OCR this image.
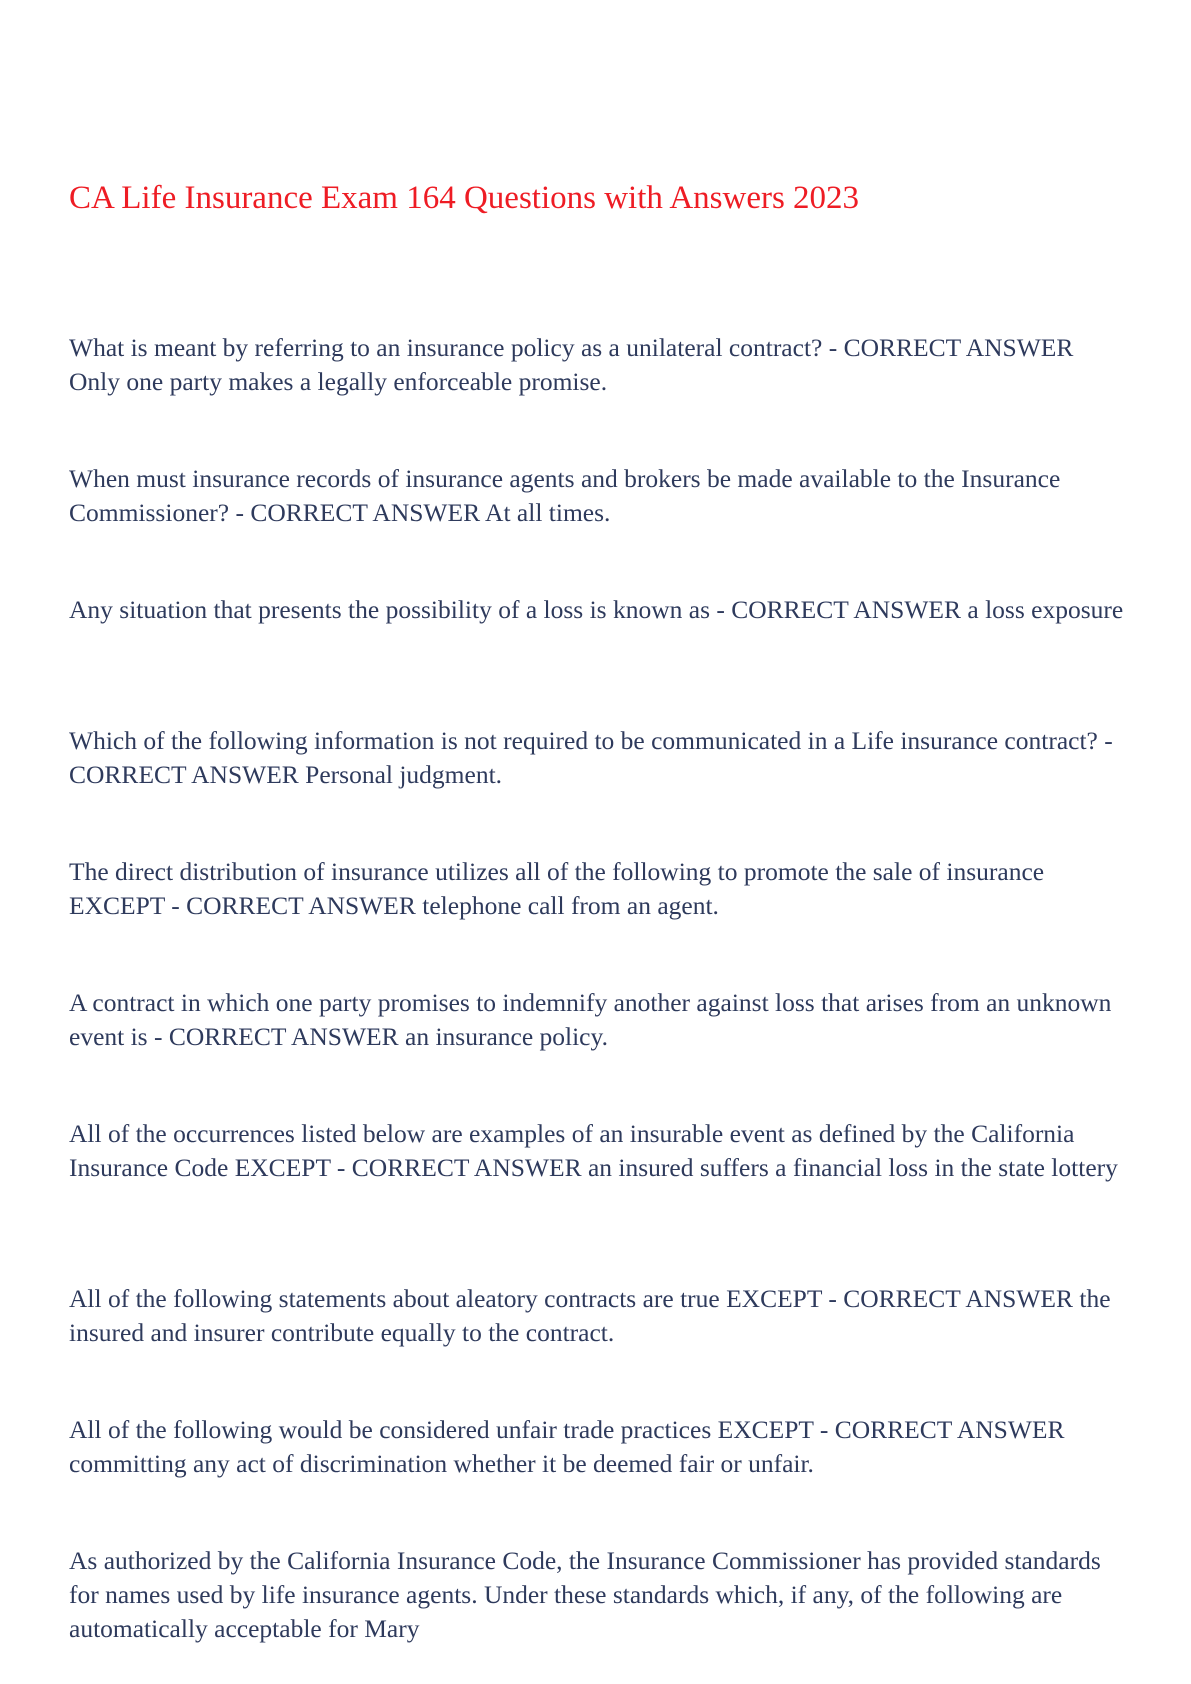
CA Life Insurance Exam 164 Questions with Answers 2023
What is meant by referring to an insurance policy as a unilateral contract? - CORRECT ANSWER Only one party makes a legally enforceable promise.
When must insurance records of insurance agents and brokers be made available to the Insurance Commissioner? - CORRECT ANSWER At all times.
Any situation that presents the possibility of a loss is known as - CORRECT ANSWER a loss exposure
Which of the following information is not required to be communicated in a Life insurance contract? - CORRECT ANSWER Personal judgment.
The direct distribution of insurance utilizes all of the following to promote the sale of insurance EXCEPT - CORRECT ANSWER telephone call from an agent.
A contract in which one party promises to indemnify another against loss that arises from an unknown event is - CORRECT ANSWER an insurance policy.
All of the occurrences listed below are examples of an insurable event as defined by the California Insurance Code EXCEPT - CORRECT ANSWER an insured suffers a financial loss in the state lottery
All of the following statements about aleatory contracts are true EXCEPT - CORRECT ANSWER the insured and insurer contribute equally to the contract.
All of the following would be considered unfair trade practices EXCEPT - CORRECT ANSWER committing any act of discrimination whether it be deemed fair or unfair.
As authorized by the California Insurance Code, the Insurance Commissioner has provided standards for names used by life insurance agents. Under these standards which, if any, of the following are automatically acceptable for Mary
